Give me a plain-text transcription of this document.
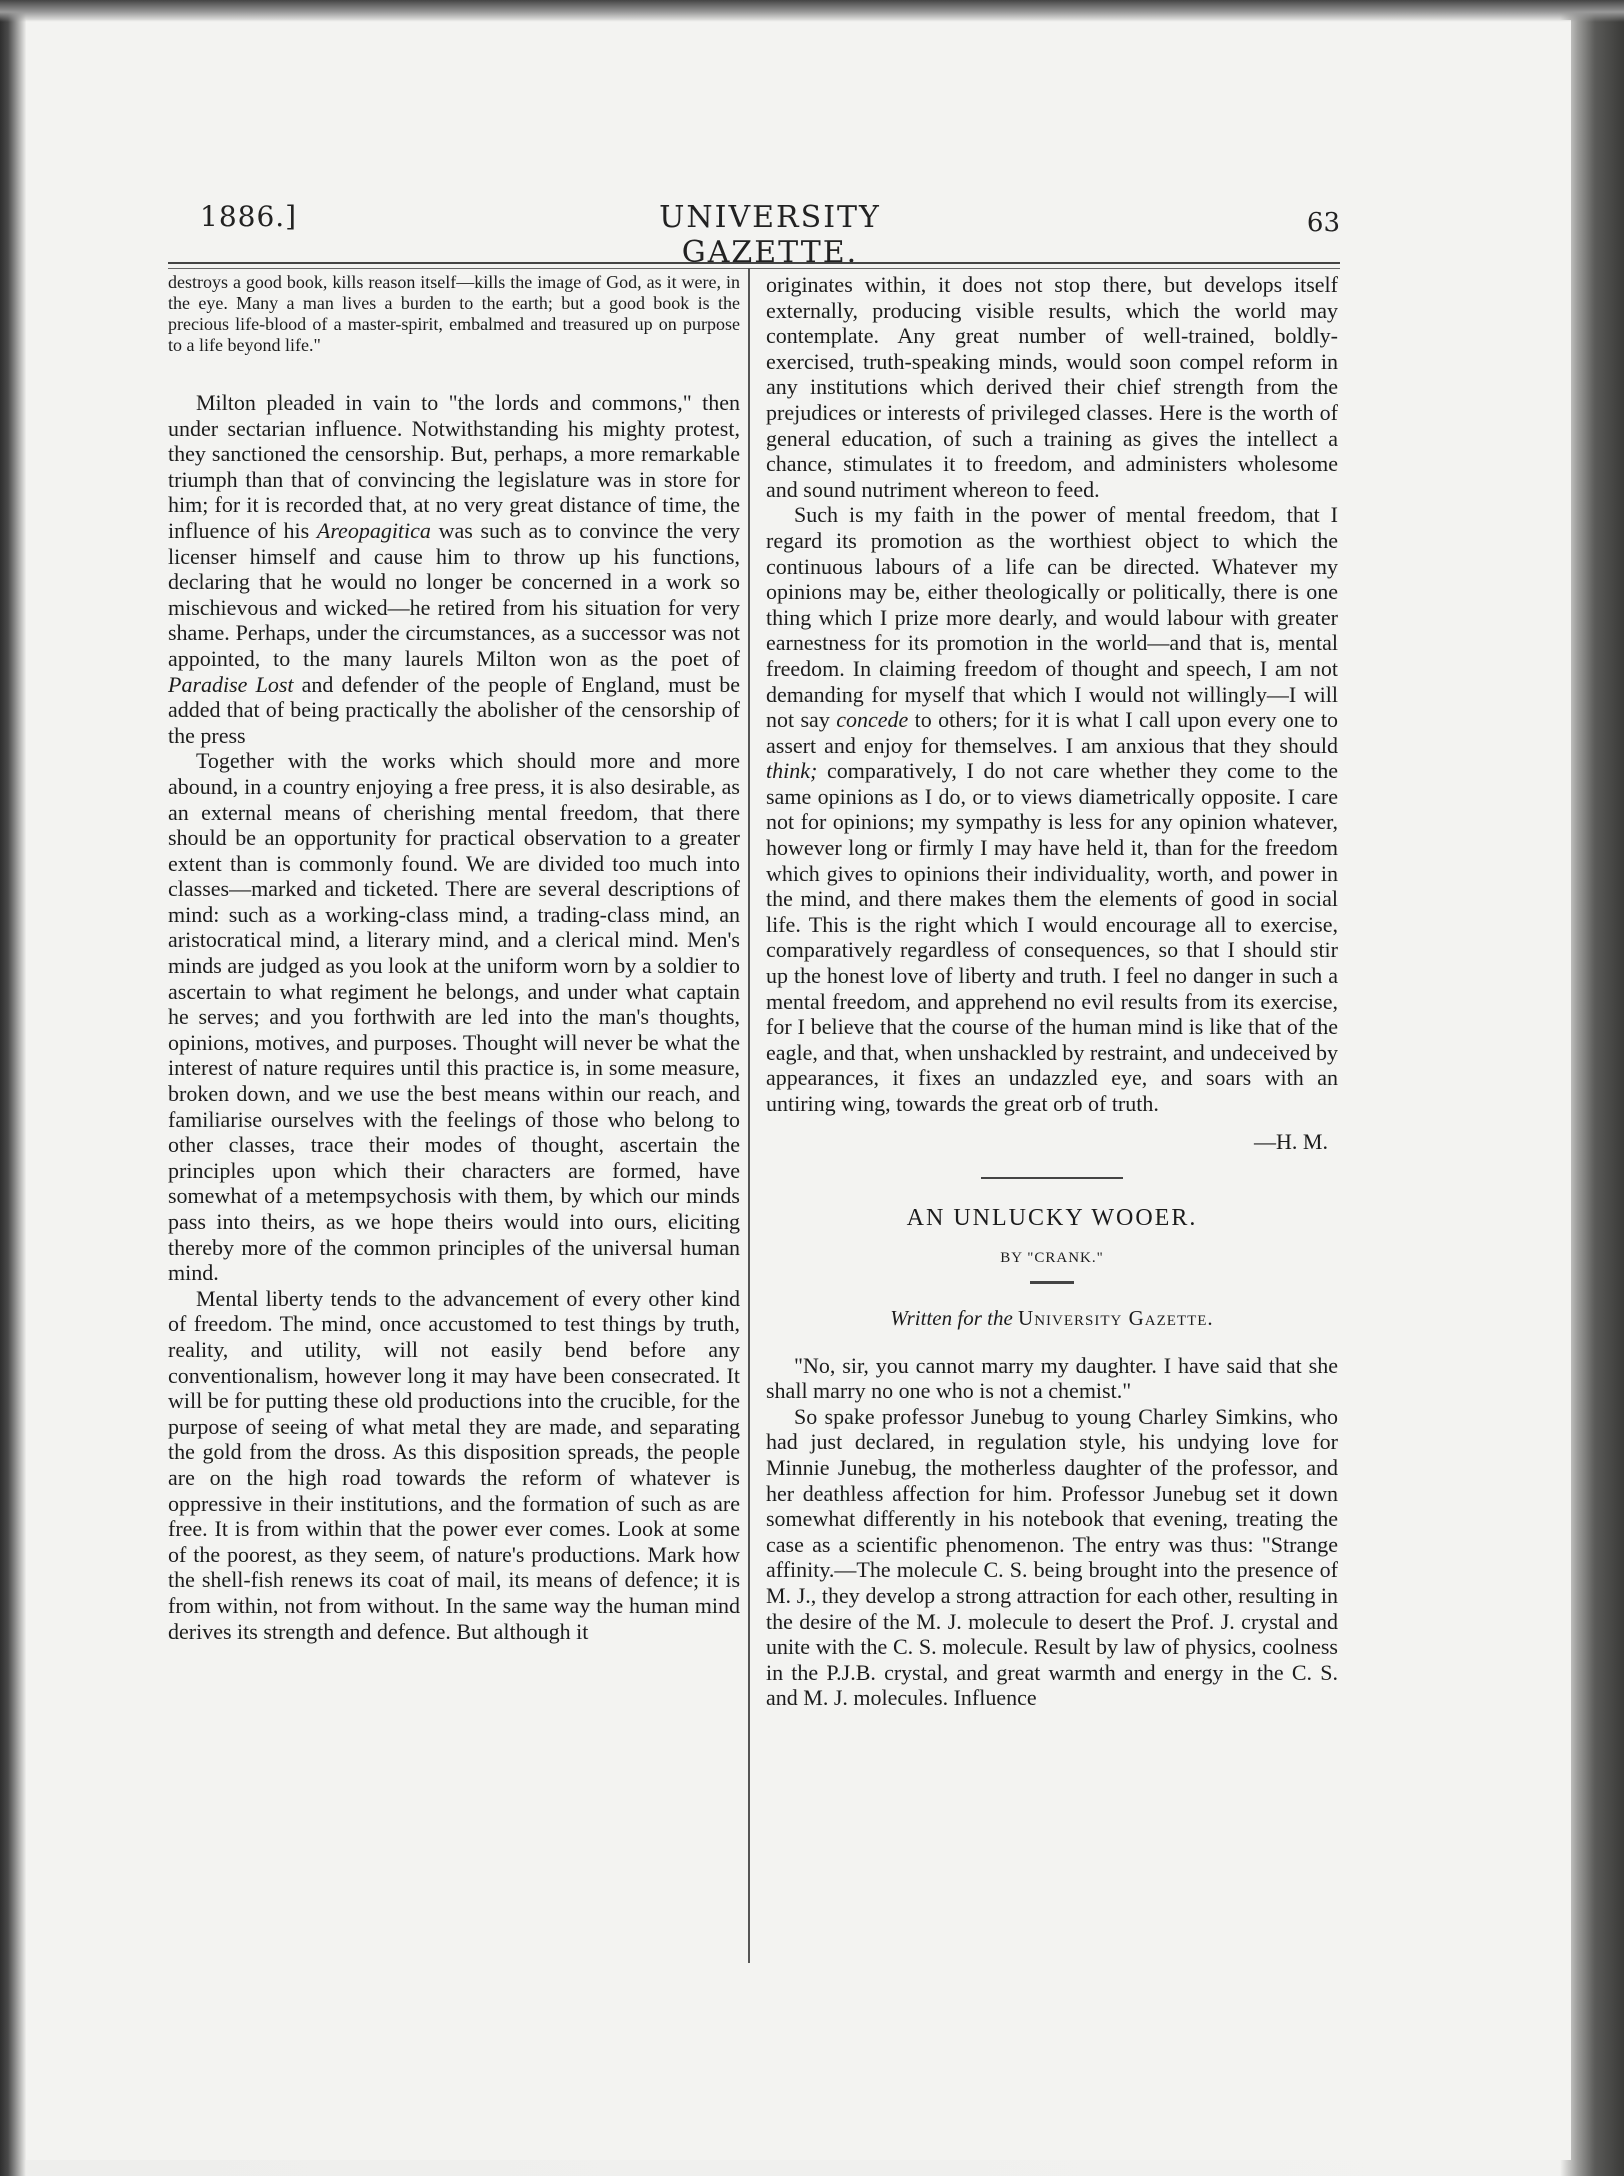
1886.]	UNIVERSITY GAZETTE.
63

destroys a good book, kills reason itself—kills the image of God, as it were, in the eye. Many a man lives a burden to the earth; but a good book is the precious life-blood of a master-spirit, embalmed and treasured up on purpose to a life beyond life."

Milton pleaded in vain to "the lords and commons," then under sectarian influence. Notwithstanding his mighty protest, they sanctioned the censorship. But, perhaps, a more remarkable triumph than that of convincing the legislature was in store for him; for it is recorded that, at no very great distance of time, the influence of his Areopagitica was such as to convince the very licenser himself and cause him to throw up his functions, declaring that he would no longer be concerned in a work so mischievous and wicked—he retired from his situation for very shame. Perhaps, under the circumstances, as a successor was not appointed, to the many laurels Milton won as the poet of Paradise Lost and defender of the people of England, must be added that of being practically the abolisher of the censorship of the press

Together with the works which should more and more abound, in a country enjoying a free press, it is also desirable, as an external means of cherishing mental freedom, that there should be an opportunity for practical observation to a greater extent than is commonly found. We are divided too much into classes—marked and ticketed. There are several descriptions of mind: such as a working-class mind, a trading-class mind, an aristocratical mind, a literary mind, and a clerical mind. Men's minds are judged as you look at the uniform worn by a soldier to ascertain to what regiment he belongs, and under what captain he serves; and you forthwith are led into the man's thoughts, opinions, motives, and purposes. Thought will never be what the interest of nature requires until this practice is, in some measure, broken down, and we use the best means within our reach, and familiarise ourselves with the feelings of those who belong to other classes, trace their modes of thought, ascertain the principles upon which their characters are formed, have somewhat of a metempsychosis with them, by which our minds pass into theirs, as we hope theirs would into ours, eliciting thereby more of the common principles of the universal human mind.

Mental liberty tends to the advancement of every other kind of freedom. The mind, once accustomed to test things by truth, reality, and utility, will not easily bend before any conventionalism, however long it may have been consecrated. It will be for putting these old productions into the crucible, for the purpose of seeing of what metal they are made, and separating the gold from the dross. As this disposition spreads, the people are on the high road towards the reform of whatever is oppressive in their institutions, and the formation of such as are free. It is from within that the power ever comes. Look at some of the poorest, as they seem, of nature's productions. Mark how the shell-fish renews its coat of mail, its means of defence; it is from within, not from without. In the same way the human mind derives its strength and defence. But although it

originates within, it does not stop there, but develops itself externally, producing visible results, which the world may contemplate. Any great number of well-trained, boldly-exercised, truth-speaking minds, would soon compel reform in any institutions which derived their chief strength from the prejudices or interests of privileged classes. Here is the worth of general education, of such a training as gives the intellect a chance, stimulates it to freedom, and administers wholesome and sound nutriment whereon to feed.

Such is my faith in the power of mental freedom, that I regard its promotion as the worthiest object to which the continuous labours of a life can be directed. Whatever my opinions may be, either theologically or politically, there is one thing which I prize more dearly, and would labour with greater earnestness for its promotion in the world—and that is, mental freedom. In claiming freedom of thought and speech, I am not demanding for myself that which I would not willingly—I will not say concede to others; for it is what I call upon every one to assert and enjoy for themselves. I am anxious that they should think; comparatively, I do not care whether they come to the same opinions as I do, or to views diametrically opposite. I care not for opinions; my sympathy is less for any opinion whatever, however long or firmly I may have held it, than for the freedom which gives to opinions their individuality, worth, and power in the mind, and there makes them the elements of good in social life. This is the right which I would encourage all to exercise, comparatively regardless of consequences, so that I should stir up the honest love of liberty and truth. I feel no danger in such a mental freedom, and apprehend no evil results from its exercise, for I believe that the course of the human mind is like that of the eagle, and that, when unshackled by restraint, and undeceived by appearances, it fixes an undazzled eye, and soars with an untiring wing, towards the great orb of truth.

—H. M.

AN UNLUCKY WOOER.

BY "CRANK."

Written for the University Gazette.

"No, sir, you cannot marry my daughter. I have said that she shall marry no one who is not a chemist."

So spake professor Junebug to young Charley Simkins, who had just declared, in regulation style, his undying love for Minnie Junebug, the motherless daughter of the professor, and her deathless affection for him. Professor Junebug set it down somewhat differently in his notebook that evening, treating the case as a scientific phenomenon. The entry was thus: "Strange affinity.—The molecule C. S. being brought into the presence of M. J., they develop a strong attraction for each other, resulting in the desire of the M. J. molecule to desert the Prof. J. crystal and unite with the C. S. molecule. Result by law of physics, coolness in the P.J.B. crystal, and great warmth and energy in the C. S. and M. J. molecules. Influence
